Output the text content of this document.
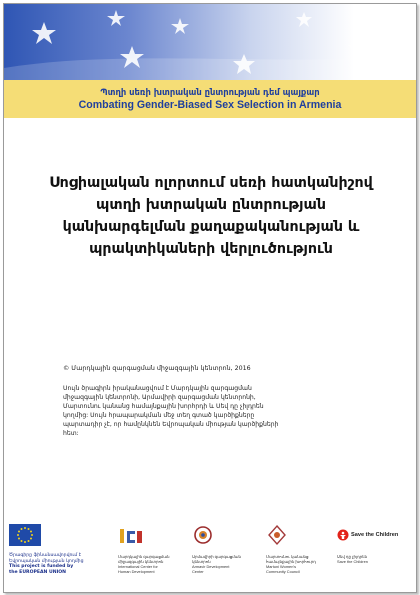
Պտղի սեռի խտրական ընտրության դեմ պայքար
Combating Gender-Biased Sex Selection in Armenia
Սոցիալական ոլորտում սեռի հատկանիշով
պտղի խտրական ընտրության
կանխարգելման քաղաքականության և
պրակտիկաների վերլուծություն
© Մարդկային զարգացման միջազգային կենտրոն, 2016
Սույն ծրագիրն իրականացվում է Մարդկային զարգացման
միջազգային կենտրոնի, Արմավիրի զարգացման կենտրոնի,
Մարտունու կանանց համայնքային խորհրդի և Սեվ դը չիլդրեն
կողմից: Սույն հրապարակման մեջ տեղ գտած կարծիքները
պարտադիր չէ, որ համընկնեն Եվրոպական միության կարծիքների
հետ:
Ծրագիրը ֆինանսավորվում է
Եվրոպական միության կողմից
This project is funded by
the EUROPEAN UNION
Մարդկային զարգացման
միջազգային կենտրոն
International Center for
Human Development
Արմավիրի զարգացման
կենտրոն
Armavir Development
Center
Մարտունու կանանց
համայնքային խորհուրդ
Martuni Women's
Community Council
Save the Children
Սեվ դը չիլդրեն
Save the Children
